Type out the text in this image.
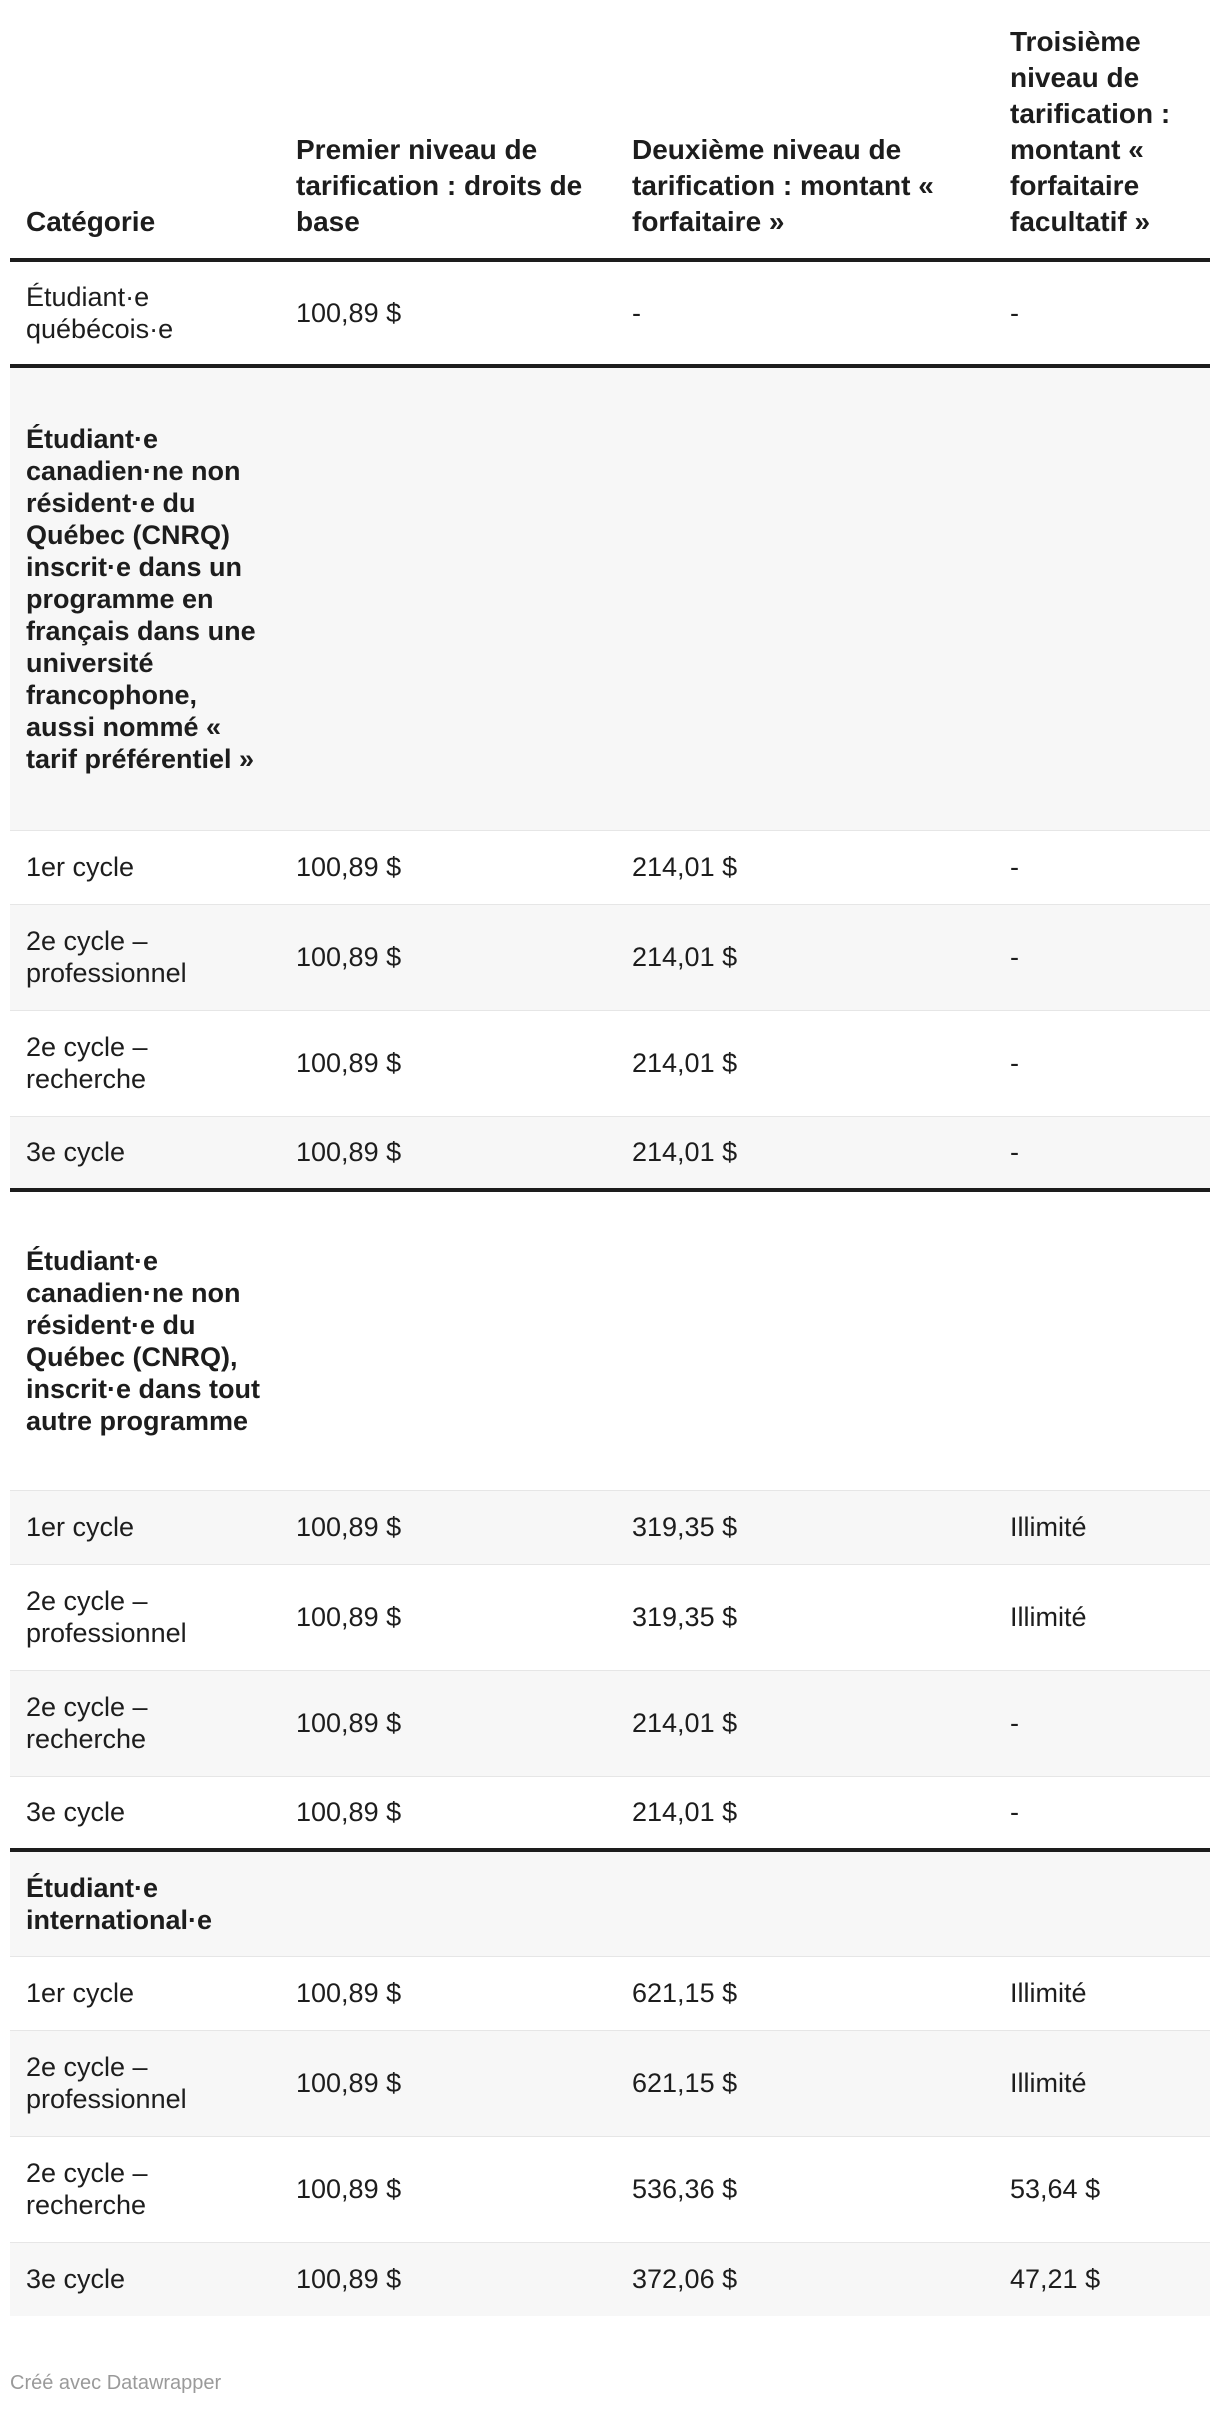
Catégorie	Premier niveau de tarification : droits de base	Deuxième niveau de tarification : montant « forfaitaire »	Troisième niveau de tarification : montant « forfaitaire facultatif »
Étudiant·e québécois·e	100,89 $	-	-
Étudiant·e canadien·ne non résident·e du Québec (CNRQ) inscrit·e dans un programme en français dans une université francophone, aussi nommé « tarif préférentiel »			
1er cycle	100,89 $	214,01 $	-
2e cycle – professionnel	100,89 $	214,01 $	-
2e cycle – recherche	100,89 $	214,01 $	-
3e cycle	100,89 $	214,01 $	-
Étudiant·e canadien·ne non résident·e du Québec (CNRQ), inscrit·e dans tout autre programme			
1er cycle	100,89 $	319,35 $	Illimité
2e cycle – professionnel	100,89 $	319,35 $	Illimité
2e cycle – recherche	100,89 $	214,01 $	-
3e cycle	100,89 $	214,01 $	-
Étudiant·e international·e			
1er cycle	100,89 $	621,15 $	Illimité
2e cycle – professionnel	100,89 $	621,15 $	Illimité
2e cycle – recherche	100,89 $	536,36 $	53,64 $
3e cycle	100,89 $	372,06 $	47,21 $
Créé avec Datawrapper
